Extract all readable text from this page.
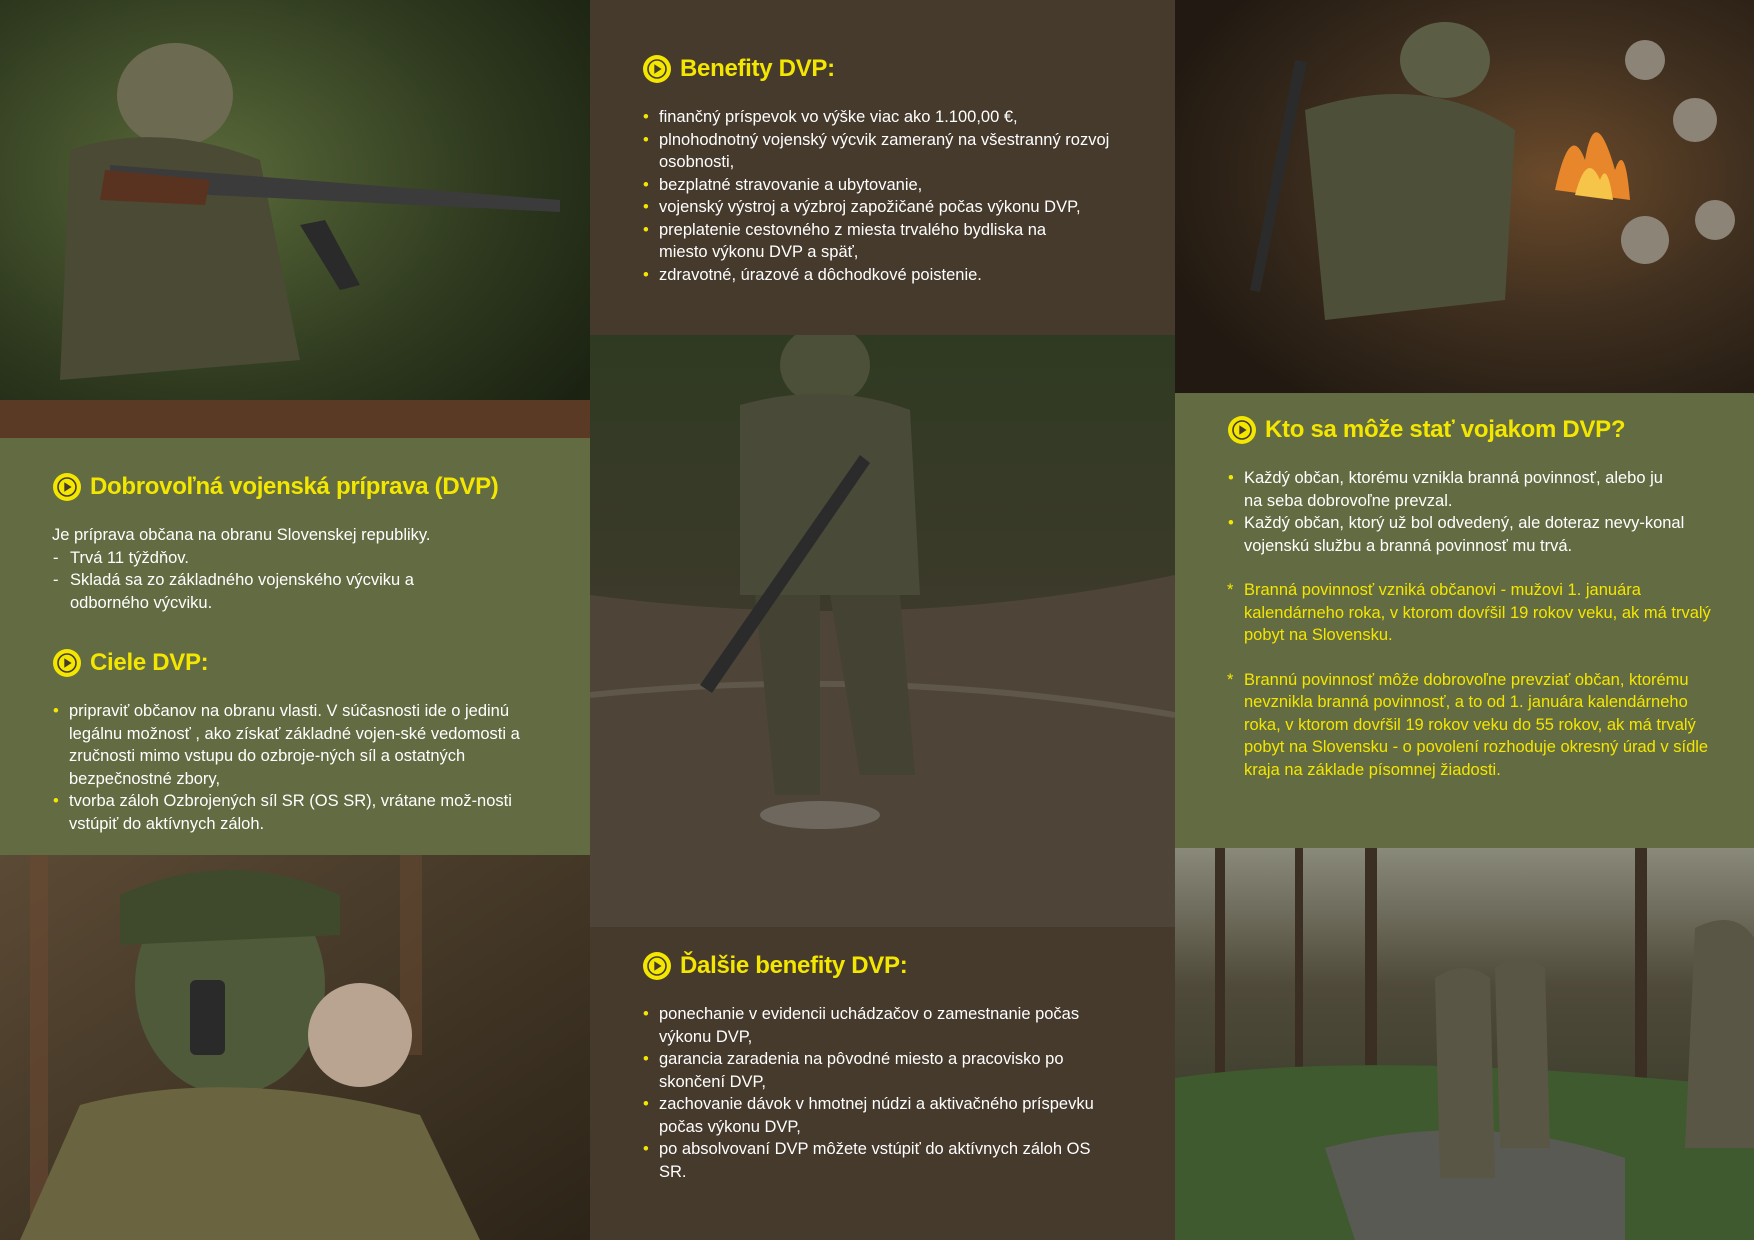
Dobrovoľná vojenská príprava (DVP)

Je príprava občana na obranu Slovenskej republiky.

- Trvá 11 týždňov.
- Skladá sa zo základného vojenského výcviku a odborného výcviku.
Ciele DVP:
• pripraviť občanov na obranu vlasti. V súčasnosti ide o jedinú legálnu možnosť , ako získať základné vojen-ské vedomosti a zručnosti mimo vstupu do ozbroje-ných síl a ostatných bezpečnostné zbory,
• tvorba záloh Ozbrojených síl SR (OS SR), vrátane mož-nosti vstúpiť do aktívnych záloh.
Benefity DVP:
• finančný príspevok vo výške viac ako 1.100,00 €,
• plnohodnotný vojenský výcvik zameraný na všestranný rozvoj osobnosti,
• bezplatné stravovanie a ubytovanie,
• vojenský výstroj a výzbroj zapožičané počas výkonu DVP,
• preplatenie cestovného z miesta trvalého bydliska na miesto výkonu DVP a späť,
• zdravotné, úrazové a dôchodkové poistenie.
Ďalšie benefity DVP:
• ponechanie v evidencii uchádzačov o zamestnanie počas výkonu DVP,
• garancia zaradenia na pôvodné miesto a pracovisko po skončení DVP,
• zachovanie dávok v hmotnej núdzi a aktivačného príspevku počas výkonu DVP,
• po absolvovaní DVP môžete vstúpiť do aktívnych záloh OS SR.
Kto sa môže stať vojakom DVP?
• Každý občan, ktorému vznikla branná povinnosť, alebo ju na seba dobrovoľne prevzal.
• Každý občan, ktorý už bol odvedený, ale doteraz nevy-konal vojenskú službu a branná povinnosť mu trvá.
* Branná povinnosť vzniká občanovi - mužovi 1. januára kalendárneho roka, v ktorom dovŕšil 19 rokov veku, ak má trvalý pobyt na Slovensku.
* Brannú povinnosť môže dobrovoľne prevziať občan, ktorému nevznikla branná povinnosť, a to od 1. januára kalendárneho roka, v ktorom dovŕšil 19 rokov veku do 55 rokov, ak má trvalý pobyt na Slovensku - o povolení rozhoduje okresný úrad v sídle kraja na základe písomnej žiadosti.
